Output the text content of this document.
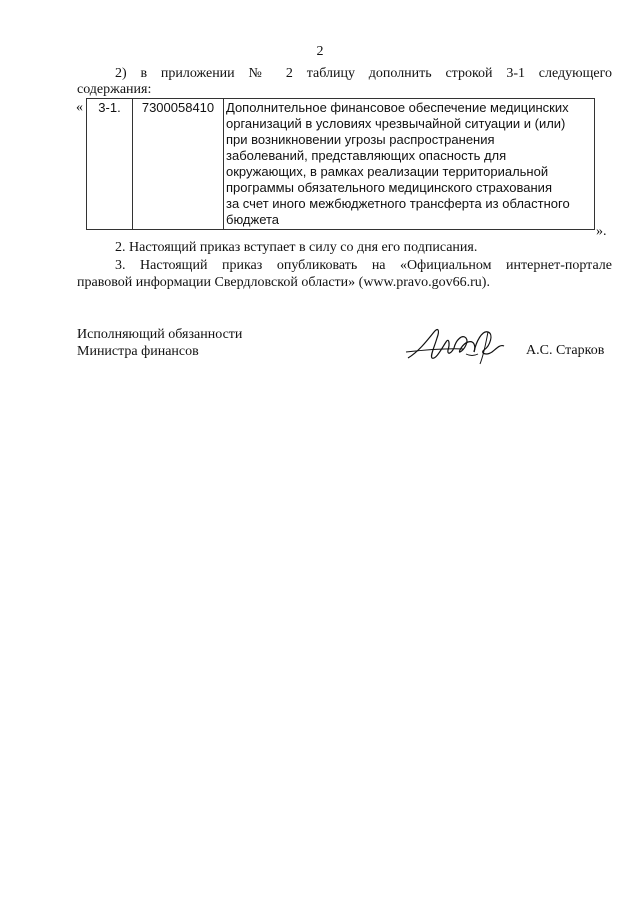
2
2) в приложении № 2 таблицу дополнить строкой 3-1 следующего
содержания:
« 3-1.	7300058410	Дополнительное финансовое обеспечение медицинских
организаций в условиях чрезвычайной ситуации и (или)
при возникновении угрозы распространения
заболеваний, представляющих опасность для
окружающих, в рамках реализации территориальной
программы обязательного медицинского страхования
за счет иного межбюджетного трансферта из областного
бюджета
».
2. Настоящий приказ вступает в силу со дня его подписания.
3. Настоящий приказ опубликовать на «Официальном интернет-портале
правовой информации Свердловской области» (www.pravo.gov66.ru).
Исполняющий обязанности
Министра финансов	А.С. Старков
